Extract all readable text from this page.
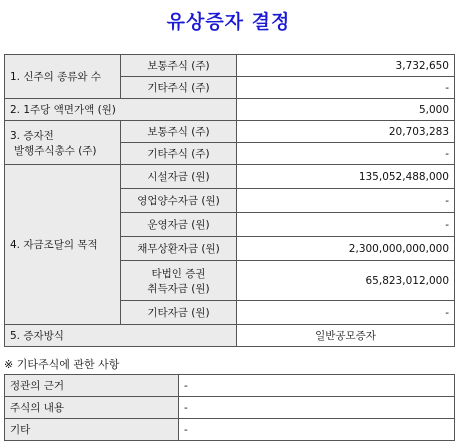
유상증자 결정
1. 신주의 종류와 수	보통주식 (주)	3,732,650
	기타주식 (주)	-
2. 1주당 액면가액 (원)		5,000

3. 증자전
발행주식총수 (주)	보통주식 (주)	20,703,283
	기타주식 (주)	-
4. 자금조달의 목적	시설자금 (원)	135,052,488,000
	영업양수자금 (원)	-
	운영자금 (원)	-
	채무상환자금 (원)	2,300,000,000,000

	타법인 증권
취득자금 (원)	65,823,012,000
	기타자금 (원)	-
5. 증자방식		일반공모증자
※ 기타주식에 관한 사항
정관의 근거	-
주식의 내용	-
기타	-
